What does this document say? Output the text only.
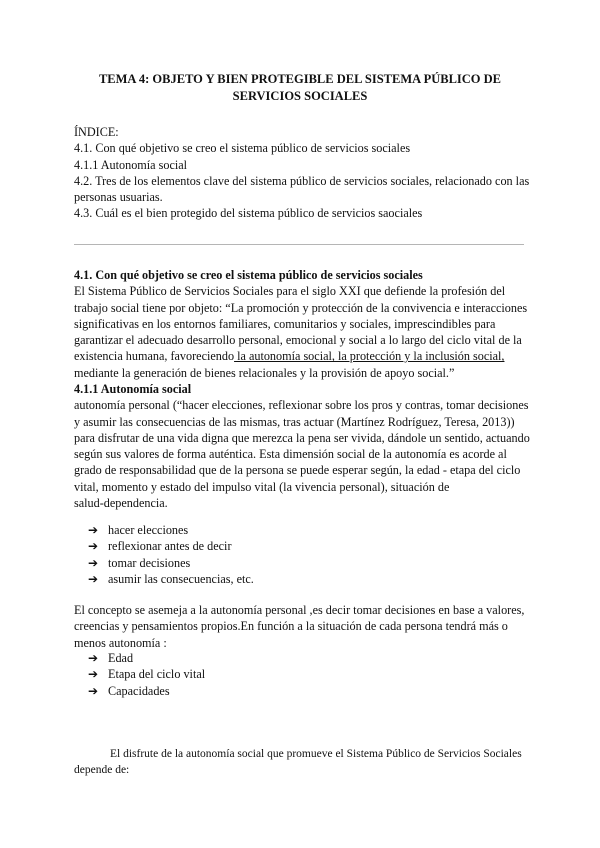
TEMA 4: OBJETO Y BIEN PROTEGIBLE DEL SISTEMA PÚBLICO DE
SERVICIOS SOCIALES
ÍNDICE:
4.1. Con qué objetivo se creo el sistema público de servicios sociales
4.1.1 Autonomía social
4.2. Tres de los elementos clave del sistema público de servicios sociales, relacionado con las
personas usuarias.
4.3. Cuál es el bien protegido del sistema público de servicios saociales
4.1. Con qué objetivo se creo el sistema público de servicios sociales
El Sistema Público de Servicios Sociales para el siglo XXI que defiende la profesión del
trabajo social tiene por objeto: “La promoción y protección de la convivencia e interacciones
significativas en los entornos familiares, comunitarios y sociales, imprescindibles para
garantizar el adecuado desarrollo personal, emocional y social a lo largo del ciclo vital de la
existencia humana, favoreciendo la autonomía social, la protección y la inclusión social,
mediante la generación de bienes relacionales y la provisión de apoyo social.”
4.1.1 Autonomía social
autonomía personal (“hacer elecciones, reflexionar sobre los pros y contras, tomar decisiones
y asumir las consecuencias de las mismas, tras actuar (Martínez Rodríguez, Teresa, 2013))
para disfrutar de una vida digna que merezca la pena ser vivida, dándole un sentido, actuando
según sus valores de forma auténtica. Esta dimensión social de la autonomía es acorde al
grado de responsabilidad que de la persona se puede esperar según, la edad - etapa del ciclo
vital, momento y estado del impulso vital (la vivencia personal), situación de
salud-dependencia.
➔ hacer elecciones
➔ reflexionar antes de decir
➔ tomar decisiones
➔ asumir las consecuencias, etc.
El concepto se asemeja a la autonomía personal ,es decir tomar decisiones en base a valores,
creencias y pensamientos propios.En función a la situación de cada persona tendrá más o
menos autonomía :
➔ Edad
➔ Etapa del ciclo vital
➔ Capacidades
El disfrute de la autonomía social que promueve el Sistema Público de Servicios Sociales
depende de:
